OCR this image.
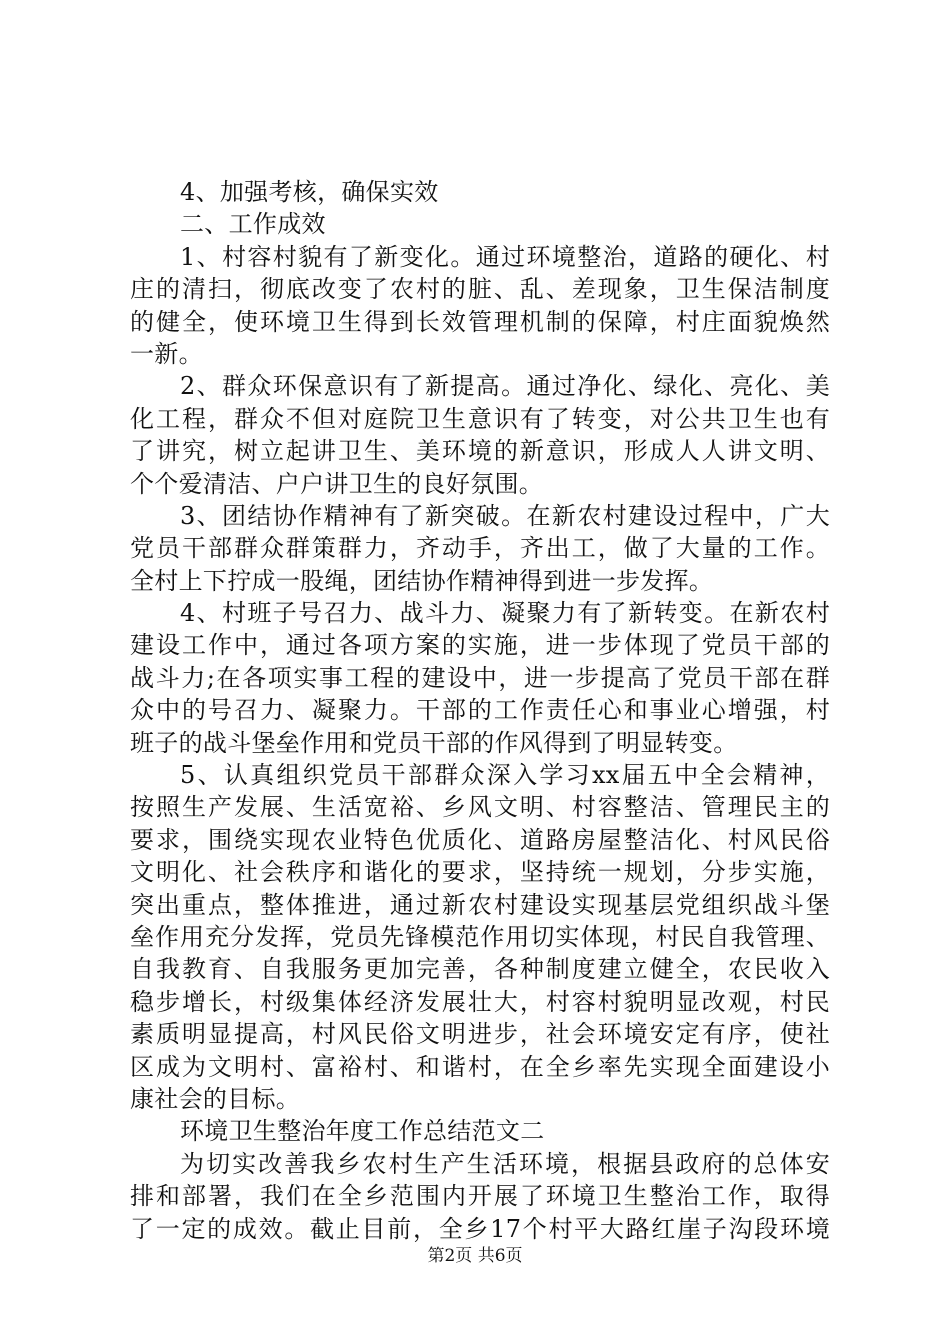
4、加强考核，确保实效
二、工作成效
1、村容村貌有了新变化。通过环境整治，道路的硬化、村
庄的清扫，彻底改变了农村的脏、乱、差现象，卫生保洁制度
的健全，使环境卫生得到长效管理机制的保障，村庄面貌焕然
一新。
2、群众环保意识有了新提高。通过净化、绿化、亮化、美
化工程，群众不但对庭院卫生意识有了转变，对公共卫生也有
了讲究，树立起讲卫生、美环境的新意识，形成人人讲文明、
个个爱清洁、户户讲卫生的良好氛围。
3、团结协作精神有了新突破。在新农村建设过程中，广大
党员干部群众群策群力，齐动手，齐出工，做了大量的工作。
全村上下拧成一股绳，团结协作精神得到进一步发挥。
4、村班子号召力、战斗力、凝聚力有了新转变。在新农村
建设工作中，通过各项方案的实施，进一步体现了党员干部的
战斗力;在各项实事工程的建设中，进一步提高了党员干部在群
众中的号召力、凝聚力。干部的工作责任心和事业心增强，村
班子的战斗堡垒作用和党员干部的作风得到了明显转变。
5、认真组织党员干部群众深入学习xx届五中全会精神，
按照生产发展、生活宽裕、乡风文明、村容整洁、管理民主的
要求，围绕实现农业特色优质化、道路房屋整洁化、村风民俗
文明化、社会秩序和谐化的要求，坚持统一规划，分步实施，
突出重点，整体推进，通过新农村建设实现基层党组织战斗堡
垒作用充分发挥，党员先锋模范作用切实体现，村民自我管理、
自我教育、自我服务更加完善，各种制度建立健全，农民收入
稳步增长，村级集体经济发展壮大，村容村貌明显改观，村民
素质明显提高，村风民俗文明进步，社会环境安定有序，使社
区成为文明村、富裕村、和谐村，在全乡率先实现全面建设小
康社会的目标。
环境卫生整治年度工作总结范文二
为切实改善我乡农村生产生活环境，根据县政府的总体安
排和部署，我们在全乡范围内开展了环境卫生整治工作，取得
了一定的成效。截止目前，全乡17个村平大路红崖子沟段环境
第2页 共6页
